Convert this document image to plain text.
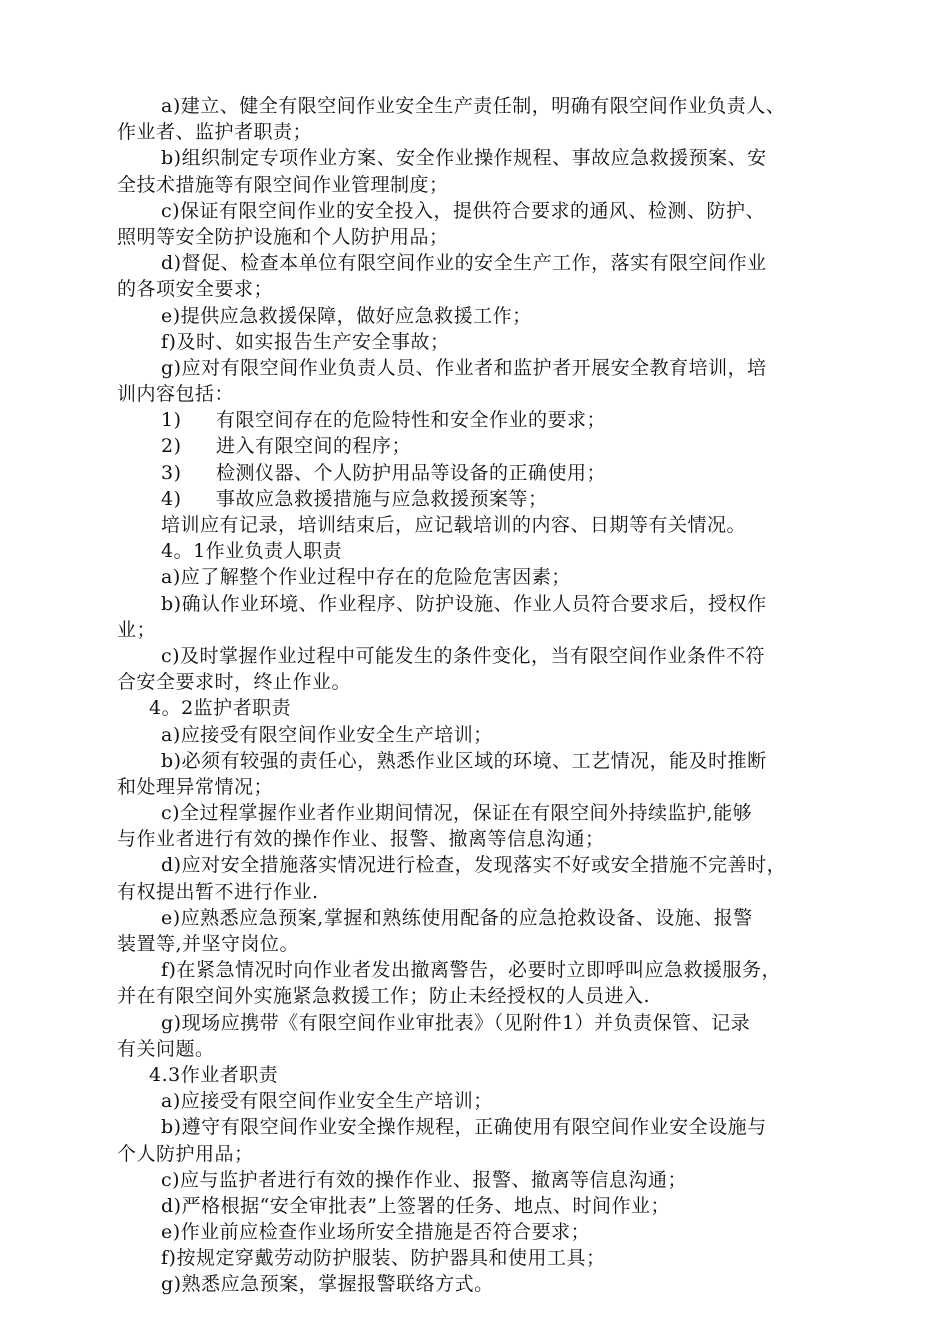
a)建立、健全有限空间作业安全生产责任制，明确有限空间作业负责人、
作业者、监护者职责；
b)组织制定专项作业方案、安全作业操作规程、事故应急救援预案、安
全技术措施等有限空间作业管理制度；
c)保证有限空间作业的安全投入，提供符合要求的通风、检测、防护、
照明等安全防护设施和个人防护用品；
d)督促、检查本单位有限空间作业的安全生产工作，落实有限空间作业
的各项安全要求；
e)提供应急救援保障，做好应急救援工作；
f)及时、如实报告生产安全事故；
g)应对有限空间作业负责人员、作业者和监护者开展安全教育培训，培
训内容包括：
1) 有限空间存在的危险特性和安全作业的要求；
2) 进入有限空间的程序；
3) 检测仪器、个人防护用品等设备的正确使用；
4) 事故应急救援措施与应急救援预案等；
培训应有记录，培训结束后，应记载培训的内容、日期等有关情况。
4。1作业负责人职责
a)应了解整个作业过程中存在的危险危害因素；
b)确认作业环境、作业程序、防护设施、作业人员符合要求后，授权作
业；
c)及时掌握作业过程中可能发生的条件变化，当有限空间作业条件不符
合安全要求时，终止作业。
4。2监护者职责
a)应接受有限空间作业安全生产培训；
b)必须有较强的责任心，熟悉作业区域的环境、工艺情况，能及时推断
和处理异常情况；
c)全过程掌握作业者作业期间情况，保证在有限空间外持续监护,能够
与作业者进行有效的操作作业、报警、撤离等信息沟通；
d)应对安全措施落实情况进行检查，发现落实不好或安全措施不完善时，
有权提出暂不进行作业.
e)应熟悉应急预案,掌握和熟练使用配备的应急抢救设备、设施、报警
装置等,并坚守岗位。
f)在紧急情况时向作业者发出撤离警告，必要时立即呼叫应急救援服务，
并在有限空间外实施紧急救援工作；防止未经授权的人员进入.
g)现场应携带《有限空间作业审批表》（见附件1）并负责保管、记录
有关问题。
4.3作业者职责
a)应接受有限空间作业安全生产培训；
b)遵守有限空间作业安全操作规程，正确使用有限空间作业安全设施与
个人防护用品；
c)应与监护者进行有效的操作作业、报警、撤离等信息沟通；
d)严格根据“安全审批表”上签署的任务、地点、时间作业；
e)作业前应检查作业场所安全措施是否符合要求；
f)按规定穿戴劳动防护服装、防护器具和使用工具；
g)熟悉应急预案，掌握报警联络方式。
